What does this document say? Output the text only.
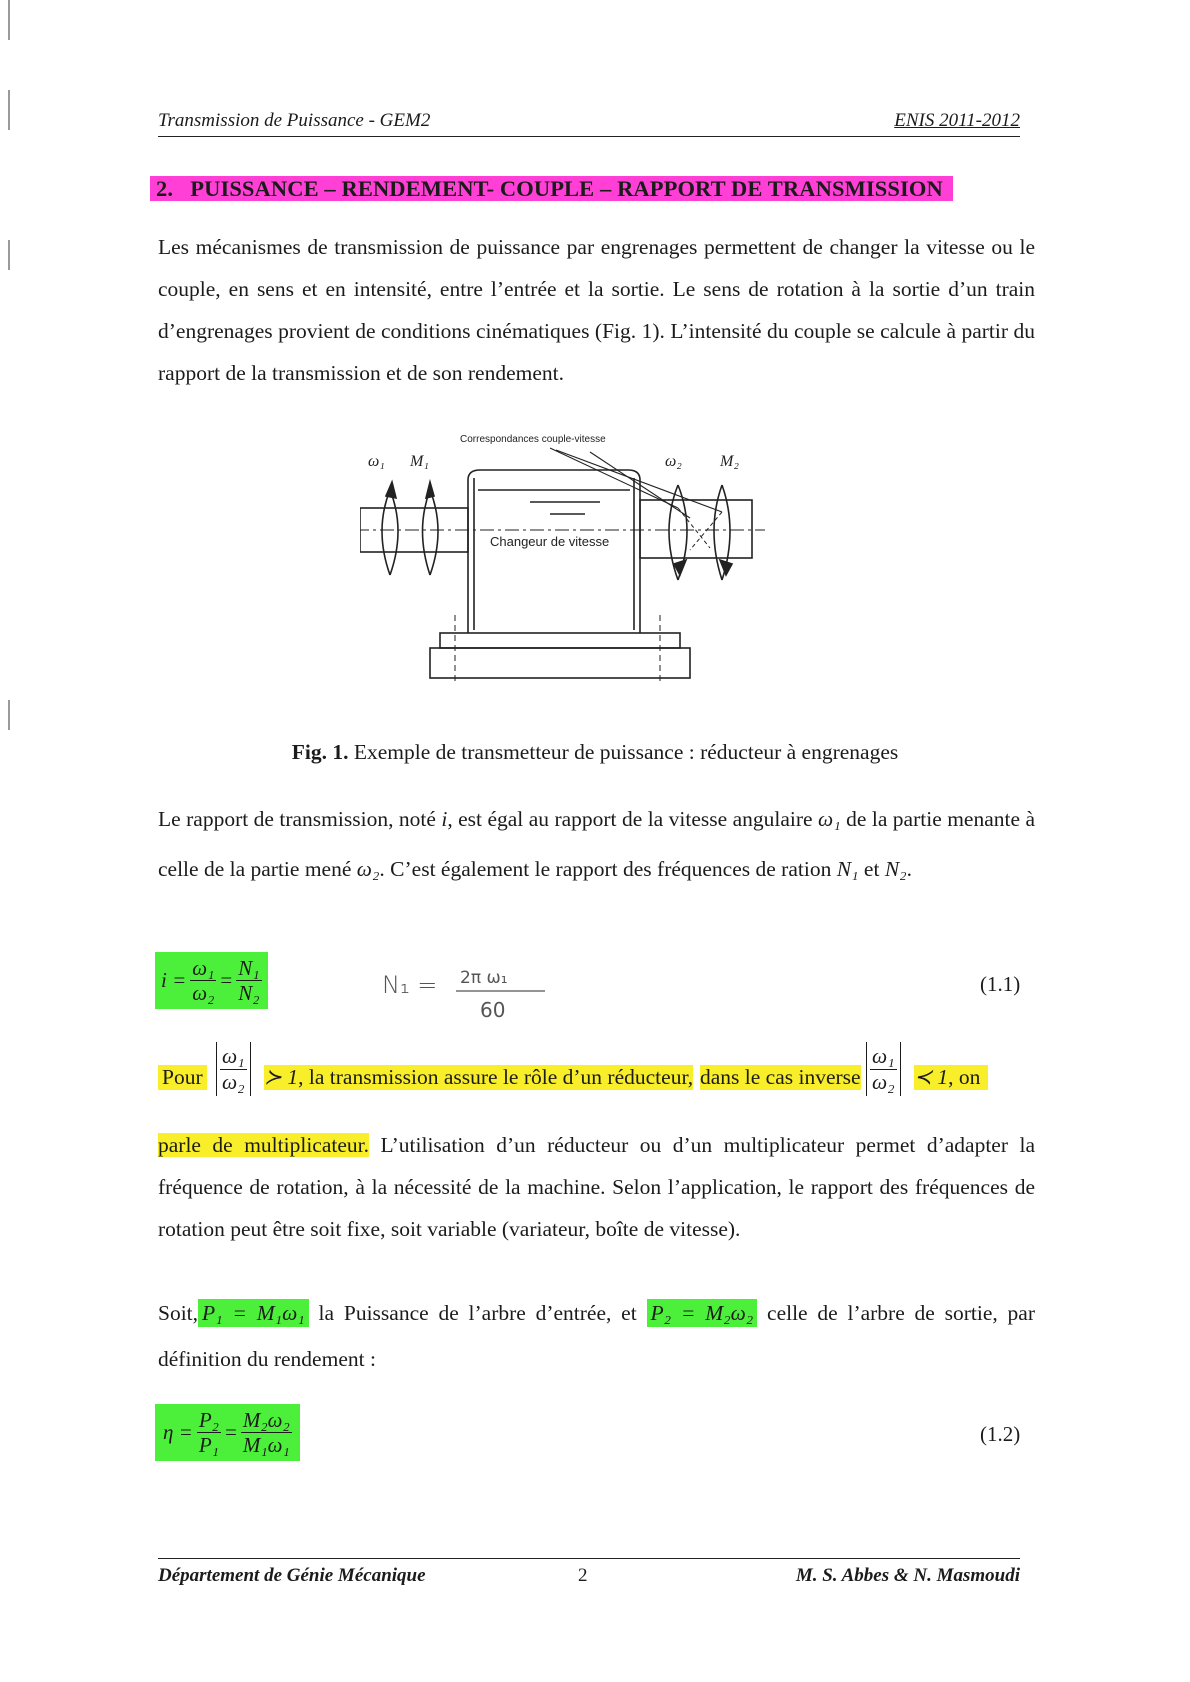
Transmission de Puissance - GEM2	ENIS 2011-2012
2. PUISSANCE – RENDEMENT- COUPLE – RAPPORT DE TRANSMISSION
Les mécanismes de transmission de puissance par engrenages permettent de changer la vitesse ou le couple, en sens et en intensité, entre l’entrée et la sortie. Le sens de rotation à la sortie d’un train d’engrenages provient de conditions cinématiques (Fig. 1). L’intensité du couple se calcule à partir du rapport de la transmission et de son rendement.
Correspondances couple-vitesse
Changeur de vitesse
ω₁ M₁	ω₂ M₂
Fig. 1. Exemple de transmetteur de puissance : réducteur à engrenages
Le rapport de transmission, noté i, est égal au rapport de la vitesse angulaire ω₁ de la partie menante à celle de la partie mené ω₂. C’est également le rapport des fréquences de ration N₁ et N₂.
$i = \frac{\text{ω₁}}{\text{ω₂}} = \frac{\text{N₁}}{\text{N₂}}$	N₁ = 2π ω₁
60
(1.1)
Pour $\frac{\text{ω₁}}{\text{ω₂}}$ ≻ 1, la transmission assure le rôle d’un réducteur, dans le cas inverse $\frac{\text{ω₁}}{\text{ω₂}}$ ≺ 1, on
parle de multiplicateur. L’utilisation d’un réducteur ou d’un multiplicateur permet d’adapter la fréquence de rotation, à la nécessité de la machine. Selon l’application, le rapport des fréquences de rotation peut être soit fixe, soit variable (variateur, boîte de vitesse).
Soit, P₁ = M₁ω₁ la Puissance de l’arbre d’entrée, et P₂ = M₂ω₂ celle de l’arbre de sortie, par définition du rendement :
$\eta = \frac{\text{P₂}}{\text{P₁}} = \frac{\text{M₂ω₂}}{\text{M₁ω₁}}$	(1.2)
Département de Génie Mécanique	2	M. S. Abbes & N. Masmoudi
